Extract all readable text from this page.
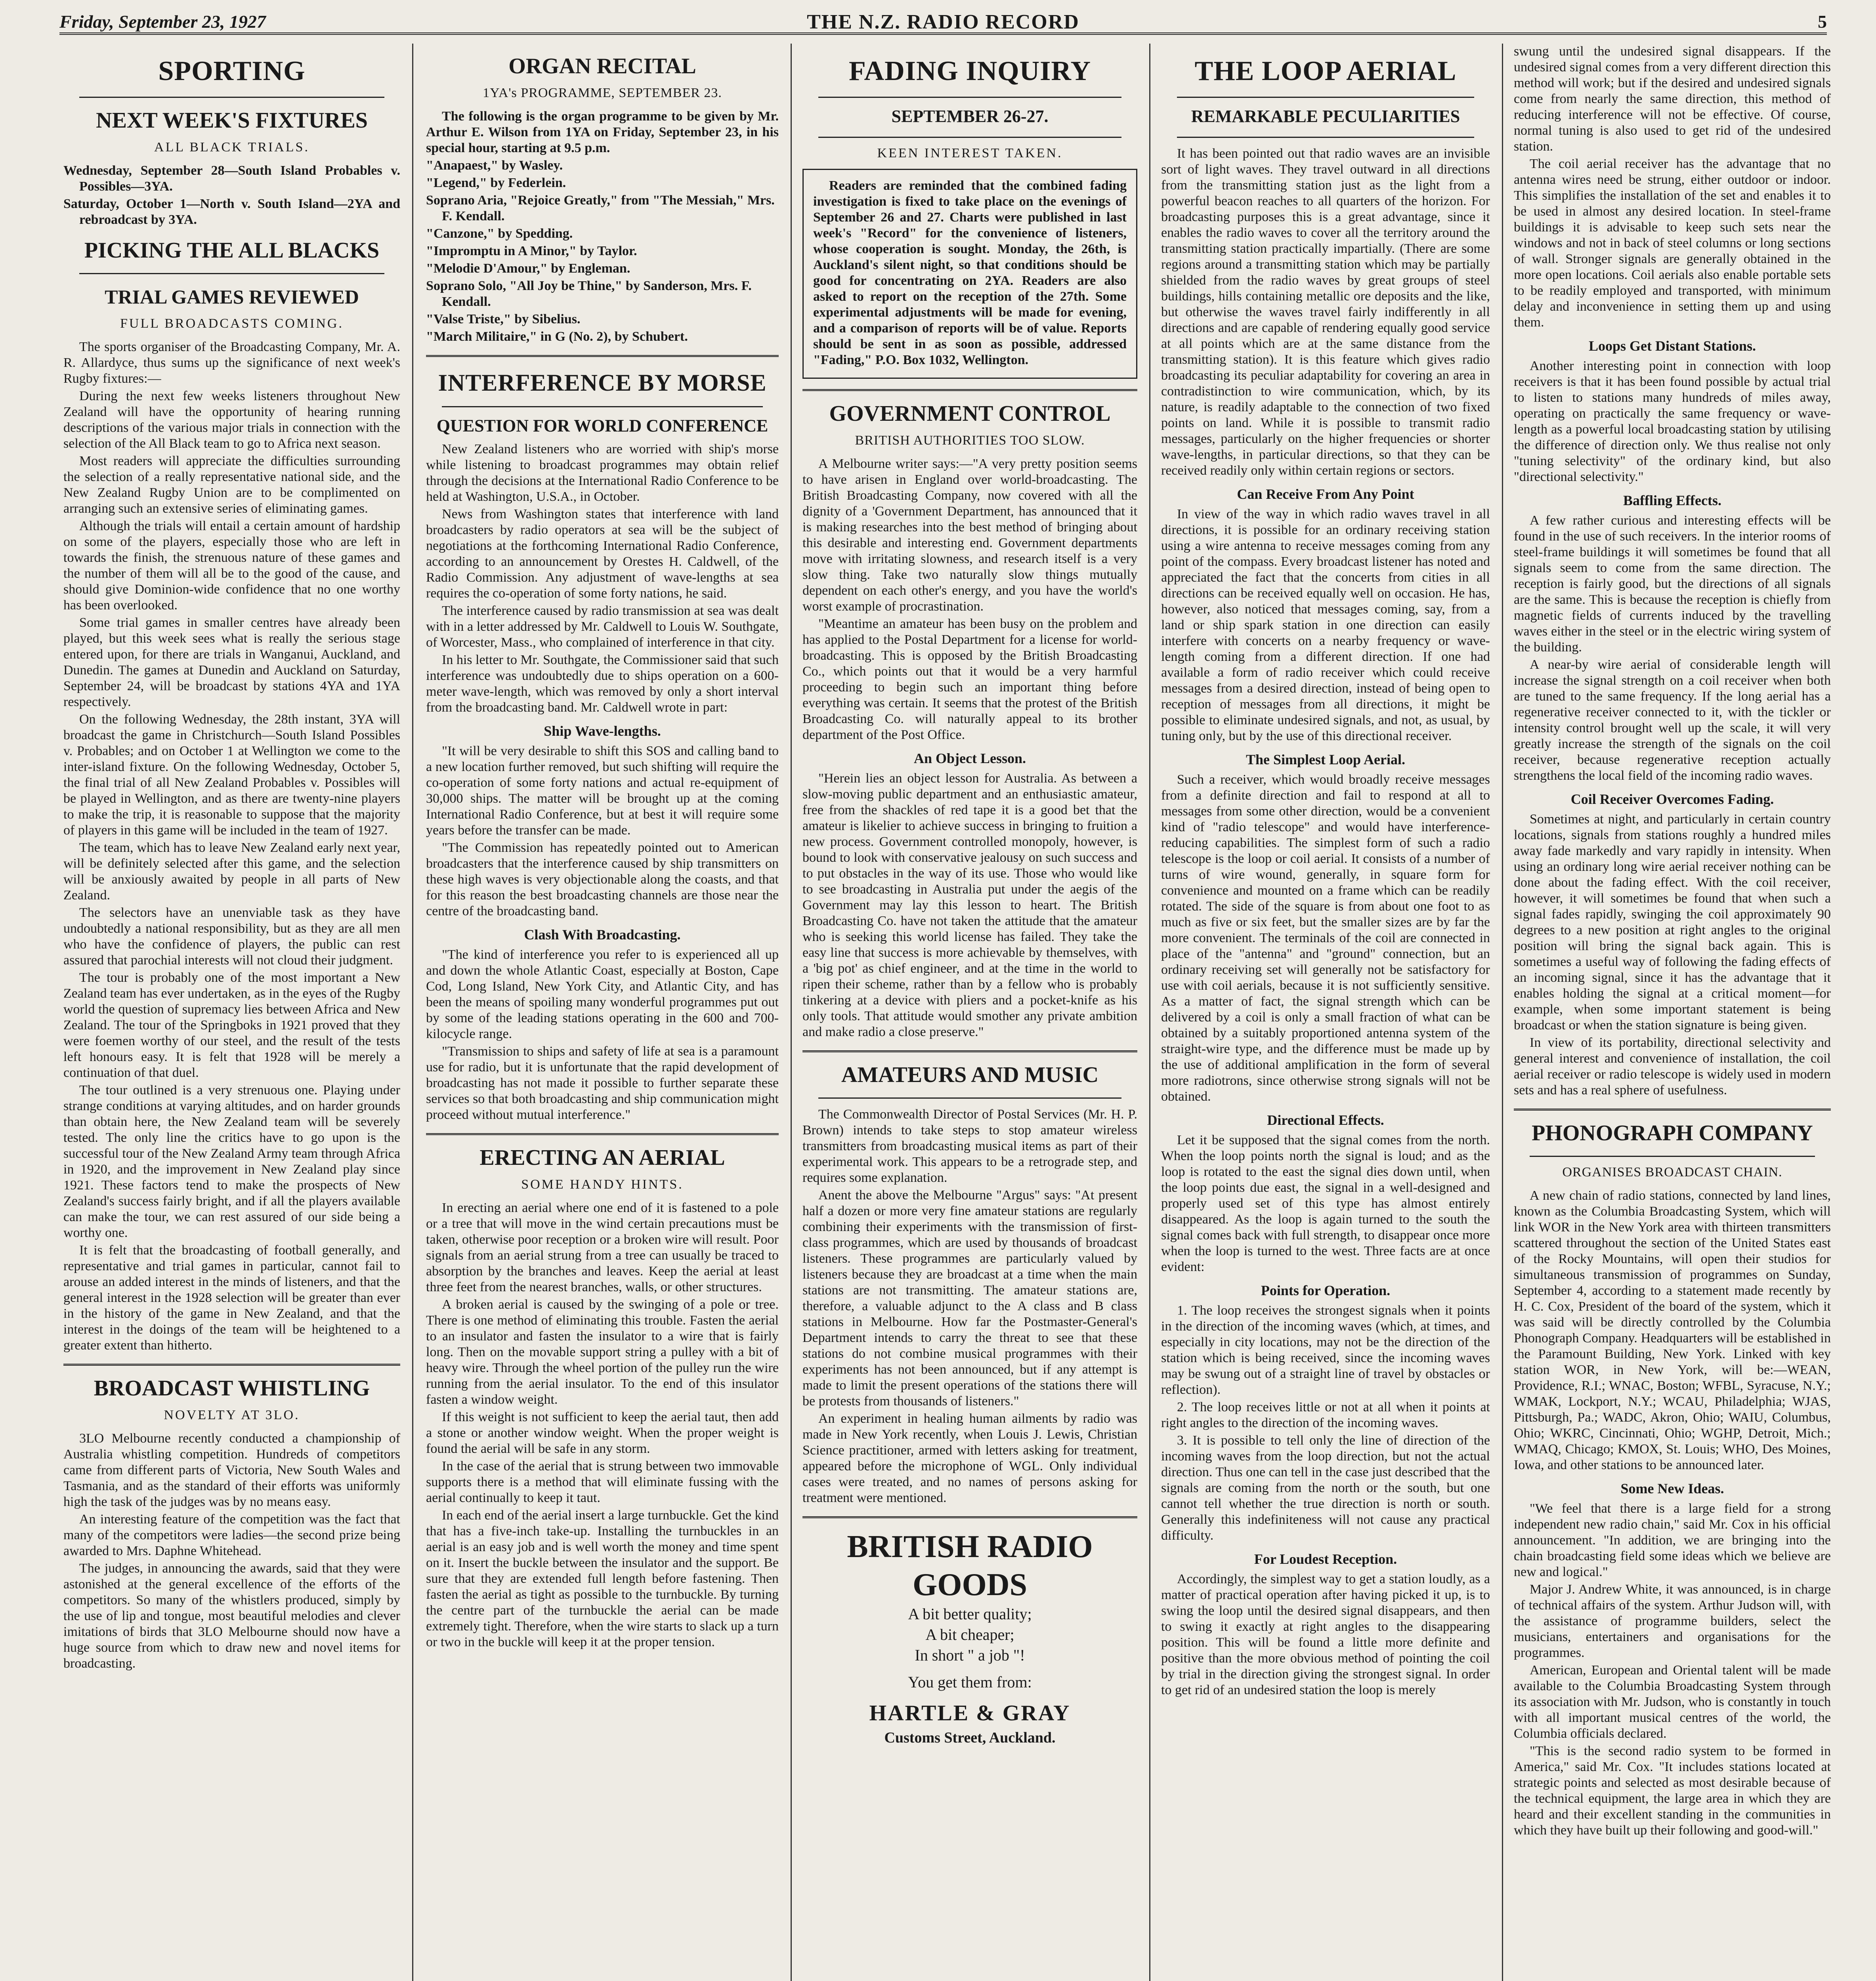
Friday, September 23, 1927	THE N.Z. RADIO RECORD	5
SPORTING
NEXT WEEK'S FIXTURES
ALL BLACK TRIALS.

Wednesday, September 28—South Island Probables v. Possibles—3YA.

Saturday, October 1—North v. South Island—2YA and rebroadcast by 3YA.

PICKING THE ALL BLACKS
TRIAL GAMES REVIEWED
FULL BROADCASTS COMING.

The sports organiser of the Broadcasting Company, Mr. A. R. Allardyce, thus sums up the significance of next week's Rugby fixtures:—

During the next few weeks listeners throughout New Zealand will have the opportunity of hearing running descriptions of the various major trials in connection with the selection of the All Black team to go to Africa next season.

Most readers will appreciate the difficulties surrounding the selection of a really representative national side, and the New Zealand Rugby Union are to be complimented on arranging such an extensive series of eliminating games.

Although the trials will entail a certain amount of hardship on some of the players, especially those who are left in towards the finish, the strenuous nature of these games and the number of them will all be to the good of the cause, and should give Dominion-wide confidence that no one worthy has been overlooked.

Some trial games in smaller centres have already been played, but this week sees what is really the serious stage entered upon, for there are trials in Wanganui, Auckland, and Dunedin. The games at Dunedin and Auckland on Saturday, September 24, will be broadcast by stations 4YA and 1YA respectively.

On the following Wednesday, the 28th instant, 3YA will broadcast the game in Christchurch—South Island Possibles v. Probables; and on October 1 at Wellington we come to the inter-island fixture. On the following Wednesday, October 5, the final trial of all New Zealand Probables v. Possibles will be played in Wellington, and as there are twenty-nine players to make the trip, it is reasonable to suppose that the majority of players in this game will be included in the team of 1927.

The team, which has to leave New Zealand early next year, will be definitely selected after this game, and the selection will be anxiously awaited by people in all parts of New Zealand.

The selectors have an unenviable task as they have undoubtedly a national responsibility, but as they are all men who have the confidence of players, the public can rest assured that parochial interests will not cloud their judgment.

The tour is probably one of the most important a New Zealand team has ever undertaken, as in the eyes of the Rugby world the question of supremacy lies between Africa and New Zealand. The tour of the Springboks in 1921 proved that they were foemen worthy of our steel, and the result of the tests left honours easy. It is felt that 1928 will be merely a continuation of that duel.

The tour outlined is a very strenuous one. Playing under strange conditions at varying altitudes, and on harder grounds than obtain here, the New Zealand team will be severely tested. The only line the critics have to go upon is the successful tour of the New Zealand Army team through Africa in 1920, and the improvement in New Zealand play since 1921. These factors tend to make the prospects of New Zealand's success fairly bright, and if all the players available can make the tour, we can rest assured of our side being a worthy one.

It is felt that the broadcasting of football generally, and representative and trial games in particular, cannot fail to arouse an added interest in the minds of listeners, and that the general interest in the 1928 selection will be greater than ever in the history of the game in New Zealand, and that the interest in the doings of the team will be heightened to a greater extent than hitherto.

BROADCAST WHISTLING
NOVELTY AT 3LO.

3LO Melbourne recently conducted a championship of Australia whistling competition. Hundreds of competitors came from different parts of Victoria, New South Wales and Tasmania, and as the standard of their efforts was uniformly high the task of the judges was by no means easy.

An interesting feature of the competition was the fact that many of the competitors were ladies—the second prize being awarded to Mrs. Daphne Whitehead.

The judges, in announcing the awards, said that they were astonished at the general excellence of the efforts of the competitors. So many of the whistlers produced, simply by the use of lip and tongue, most beautiful melodies and clever imitations of birds that 3LO Melbourne should now have a huge source from which to draw new and novel items for broadcasting.

ORGAN RECITAL
1YA's PROGRAMME, SEPTEMBER 23.

The following is the organ programme to be given by Mr. Arthur E. Wilson from 1YA on Friday, September 23, in his special hour, starting at 9.5 p.m.

"Anapaest," by Wasley.

"Legend," by Federlein.

Soprano Aria, "Rejoice Greatly," from "The Messiah," Mrs. F. Kendall.

"Canzone," by Spedding.

"Impromptu in A Minor," by Taylor.

"Melodie D'Amour," by Engleman.

Soprano Solo, "All Joy be Thine," by Sanderson, Mrs. F. Kendall.

"Valse Triste," by Sibelius.

"March Militaire," in G (No. 2), by Schubert.

INTERFERENCE BY MORSE
QUESTION FOR WORLD CONFERENCE

New Zealand listeners who are worried with ship's morse while listening to broadcast programmes may obtain relief through the decisions at the International Radio Conference to be held at Washington, U.S.A., in October.

News from Washington states that interference with land broadcasters by radio operators at sea will be the subject of negotiations at the forthcoming International Radio Conference, according to an announcement by Orestes H. Caldwell, of the Radio Commission. Any adjustment of wave-lengths at sea requires the co-operation of some forty nations, he said.

The interference caused by radio transmission at sea was dealt with in a letter addressed by Mr. Caldwell to Louis W. Southgate, of Worcester, Mass., who complained of interference in that city.

In his letter to Mr. Southgate, the Commissioner said that such interference was undoubtedly due to ships operation on a 600-meter wave-length, which was removed by only a short interval from the broadcasting band. Mr. Caldwell wrote in part:

Ship Wave-lengths.

"It will be very desirable to shift this SOS and calling band to a new location further removed, but such shifting will require the co-operation of some forty nations and actual re-equipment of 30,000 ships. The matter will be brought up at the coming International Radio Conference, but at best it will require some years before the transfer can be made.

"The Commission has repeatedly pointed out to American broadcasters that the interference caused by ship transmitters on these high waves is very objectionable along the coasts, and that for this reason the best broadcasting channels are those near the centre of the broadcasting band.

Clash With Broadcasting.

"The kind of interference you refer to is experienced all up and down the whole Atlantic Coast, especially at Boston, Cape Cod, Long Island, New York City, and Atlantic City, and has been the means of spoiling many wonderful programmes put out by some of the leading stations operating in the 600 and 700-kilocycle range.

"Transmission to ships and safety of life at sea is a paramount use for radio, but it is unfortunate that the rapid development of broadcasting has not made it possible to further separate these services so that both broadcasting and ship communication might proceed without mutual interference."

ERECTING AN AERIAL
SOME HANDY HINTS.

In erecting an aerial where one end of it is fastened to a pole or a tree that will move in the wind certain precautions must be taken, otherwise poor reception or a broken wire will result. Poor signals from an aerial strung from a tree can usually be traced to absorption by the branches and leaves. Keep the aerial at least three feet from the nearest branches, walls, or other structures.

A broken aerial is caused by the swinging of a pole or tree. There is one method of eliminating this trouble. Fasten the aerial to an insulator and fasten the insulator to a wire that is fairly long. Then on the movable support string a pulley with a bit of heavy wire. Through the wheel portion of the pulley run the wire running from the aerial insulator. To the end of this insulator fasten a window weight.

If this weight is not sufficient to keep the aerial taut, then add a stone or another window weight. When the proper weight is found the aerial will be safe in any storm.

In the case of the aerial that is strung between two immovable supports there is a method that will eliminate fussing with the aerial continually to keep it taut.

In each end of the aerial insert a large turnbuckle. Get the kind that has a five-inch take-up. Installing the turnbuckles in an aerial is an easy job and is well worth the money and time spent on it. Insert the buckle between the insulator and the support. Be sure that they are extended full length before fastening. Then fasten the aerial as tight as possible to the turnbuckle. By turning the centre part of the turnbuckle the aerial can be made extremely tight. Therefore, when the wire starts to slack up a turn or two in the buckle will keep it at the proper tension.

FADING INQUIRY
SEPTEMBER 26-27.
KEEN INTEREST TAKEN.

Readers are reminded that the combined fading investigation is fixed to take place on the evenings of September 26 and 27. Charts were published in last week's "Record" for the convenience of listeners, whose cooperation is sought. Monday, the 26th, is Auckland's silent night, so that conditions should be good for concentrating on 2YA. Readers are also asked to report on the reception of the 27th. Some experimental adjustments will be made for evening, and a comparison of reports will be of value. Reports should be sent in as soon as possible, addressed "Fading," P.O. Box 1032, Wellington.

GOVERNMENT CONTROL
BRITISH AUTHORITIES TOO SLOW.

A Melbourne writer says:—"A very pretty position seems to have arisen in England over world-broadcasting. The British Broadcasting Company, now covered with all the dignity of a 'Government Department, has announced that it is making researches into the best method of bringing about this desirable and interesting end. Government departments move with irritating slowness, and research itself is a very slow thing. Take two naturally slow things mutually dependent on each other's energy, and you have the world's worst example of procrastination.

"Meantime an amateur has been busy on the problem and has applied to the Postal Department for a license for world-broadcasting. This is opposed by the British Broadcasting Co., which points out that it would be a very harmful proceeding to begin such an important thing before everything was certain. It seems that the protest of the British Broadcasting Co. will naturally appeal to its brother department of the Post Office.

An Object Lesson.

"Herein lies an object lesson for Australia. As between a slow-moving public department and an enthusiastic amateur, free from the shackles of red tape it is a good bet that the amateur is likelier to achieve success in bringing to fruition a new process. Government controlled monopoly, however, is bound to look with conservative jealousy on such success and to put obstacles in the way of its use. Those who would like to see broadcasting in Australia put under the aegis of the Government may lay this lesson to heart. The British Broadcasting Co. have not taken the attitude that the amateur who is seeking this world license has failed. They take the easy line that success is more achievable by themselves, with a 'big pot' as chief engineer, and at the time in the world to ripen their scheme, rather than by a fellow who is probably tinkering at a device with pliers and a pocket-knife as his only tools. That attitude would smother any private ambition and make radio a close preserve."

AMATEURS AND MUSIC

The Commonwealth Director of Postal Services (Mr. H. P. Brown) intends to take steps to stop amateur wireless transmitters from broadcasting musical items as part of their experimental work. This appears to be a retrograde step, and requires some explanation.

Anent the above the Melbourne "Argus" says: "At present half a dozen or more very fine amateur stations are regularly combining their experiments with the transmission of first-class programmes, which are used by thousands of broadcast listeners. These programmes are particularly valued by listeners because they are broadcast at a time when the main stations are not transmitting. The amateur stations are, therefore, a valuable adjunct to the A class and B class stations in Melbourne. How far the Postmaster-General's Department intends to carry the threat to see that these stations do not combine musical programmes with their experiments has not been announced, but if any attempt is made to limit the present operations of the stations there will be protests from thousands of listeners."

An experiment in healing human ailments by radio was made in New York recently, when Louis J. Lewis, Christian Science practitioner, armed with letters asking for treatment, appeared before the microphone of WGL. Only individual cases were treated, and no names of persons asking for treatment were mentioned.

BRITISH RADIO GOODS
A bit better quality;
A bit cheaper;
In short " a job "!
You get them from:
HARTLE & GRAY
Customs Street, Auckland.
THE LOOP AERIAL
REMARKABLE PECULIARITIES

It has been pointed out that radio waves are an invisible sort of light waves. They travel outward in all directions from the transmitting station just as the light from a powerful beacon reaches to all quarters of the horizon. For broadcasting purposes this is a great advantage, since it enables the radio waves to cover all the territory around the transmitting station practically impartially. (There are some regions around a transmitting station which may be partially shielded from the radio waves by great groups of steel buildings, hills containing metallic ore deposits and the like, but otherwise the waves travel fairly indifferently in all directions and are capable of rendering equally good service at all points which are at the same distance from the transmitting station). It is this feature which gives radio broadcasting its peculiar adaptability for covering an area in contradistinction to wire communication, which, by its nature, is readily adaptable to the connection of two fixed points on land. While it is possible to transmit radio messages, particularly on the higher frequencies or shorter wave-lengths, in particular directions, so that they can be received readily only within certain regions or sectors.

Can Receive From Any Point

In view of the way in which radio waves travel in all directions, it is possible for an ordinary receiving station using a wire antenna to receive messages coming from any point of the compass. Every broadcast listener has noted and appreciated the fact that the concerts from cities in all directions can be received equally well on occasion. He has, however, also noticed that messages coming, say, from a land or ship spark station in one direction can easily interfere with concerts on a nearby frequency or wave-length coming from a different direction. If one had available a form of radio receiver which could receive messages from a desired direction, instead of being open to reception of messages from all directions, it might be possible to eliminate undesired signals, and not, as usual, by tuning only, but by the use of this directional receiver.

The Simplest Loop Aerial.

Such a receiver, which would broadly receive messages from a definite direction and fail to respond at all to messages from some other direction, would be a convenient kind of "radio telescope" and would have interference-reducing capabilities. The simplest form of such a radio telescope is the loop or coil aerial. It consists of a number of turns of wire wound, generally, in square form for convenience and mounted on a frame which can be readily rotated. The side of the square is from about one foot to as much as five or six feet, but the smaller sizes are by far the more convenient. The terminals of the coil are connected in place of the "antenna" and "ground" connection, but an ordinary receiving set will generally not be satisfactory for use with coil aerials, because it is not sufficiently sensitive. As a matter of fact, the signal strength which can be delivered by a coil is only a small fraction of what can be obtained by a suitably proportioned antenna system of the straight-wire type, and the difference must be made up by the use of additional amplification in the form of several more radiotrons, since otherwise strong signals will not be obtained.

Directional Effects.

Let it be supposed that the signal comes from the north. When the loop points north the signal is loud; and as the loop is rotated to the east the signal dies down until, when the loop points due east, the signal in a well-designed and properly used set of this type has almost entirely disappeared. As the loop is again turned to the south the signal comes back with full strength, to disappear once more when the loop is turned to the west. Three facts are at once evident:

Points for Operation.

1. The loop receives the strongest signals when it points in the direction of the incoming waves (which, at times, and especially in city locations, may not be the direction of the station which is being received, since the incoming waves may be swung out of a straight line of travel by obstacles or reflection).

2. The loop receives little or not at all when it points at right angles to the direction of the incoming waves.

3. It is possible to tell only the line of direction of the incoming waves from the loop direction, but not the actual direction. Thus one can tell in the case just described that the signals are coming from the north or the south, but one cannot tell whether the true direction is north or south. Generally this indefiniteness will not cause any practical difficulty.

For Loudest Reception.

Accordingly, the simplest way to get a station loudly, as a matter of practical operation after having picked it up, is to swing the loop until the desired signal disappears, and then to swing it exactly at right angles to the disappearing position. This will be found a little more definite and positive than the more obvious method of pointing the coil by trial in the direction giving the strongest signal. In order to get rid of an undesired station the loop is merely

swung until the undesired signal disappears. If the undesired signal comes from a very different direction this method will work; but if the desired and undesired signals come from nearly the same direction, this method of reducing interference will not be effective. Of course, normal tuning is also used to get rid of the undesired station.

The coil aerial receiver has the advantage that no antenna wires need be strung, either outdoor or indoor. This simplifies the installation of the set and enables it to be used in almost any desired location. In steel-frame buildings it is advisable to keep such sets near the windows and not in back of steel columns or long sections of wall. Stronger signals are generally obtained in the more open locations. Coil aerials also enable portable sets to be readily employed and transported, with minimum delay and inconvenience in setting them up and using them.

Loops Get Distant Stations.

Another interesting point in connection with loop receivers is that it has been found possible by actual trial to listen to stations many hundreds of miles away, operating on practically the same frequency or wave-length as a powerful local broadcasting station by utilising the difference of direction only. We thus realise not only "tuning selectivity" of the ordinary kind, but also "directional selectivity."

Baffling Effects.

A few rather curious and interesting effects will be found in the use of such receivers. In the interior rooms of steel-frame buildings it will sometimes be found that all signals seem to come from the same direction. The reception is fairly good, but the directions of all signals are the same. This is because the reception is chiefly from magnetic fields of currents induced by the travelling waves either in the steel or in the electric wiring system of the building.

A near-by wire aerial of considerable length will increase the signal strength on a coil receiver when both are tuned to the same frequency. If the long aerial has a regenerative receiver connected to it, with the tickler or intensity control brought well up the scale, it will very greatly increase the strength of the signals on the coil receiver, because regenerative reception actually strengthens the local field of the incoming radio waves.

Coil Receiver Overcomes Fading.

Sometimes at night, and particularly in certain country locations, signals from stations roughly a hundred miles away fade markedly and vary rapidly in intensity. When using an ordinary long wire aerial receiver nothing can be done about the fading effect. With the coil receiver, however, it will sometimes be found that when such a signal fades rapidly, swinging the coil approximately 90 degrees to a new position at right angles to the original position will bring the signal back again. This is sometimes a useful way of following the fading effects of an incoming signal, since it has the advantage that it enables holding the signal at a critical moment—for example, when some important statement is being broadcast or when the station signature is being given.

In view of its portability, directional selectivity and general interest and convenience of installation, the coil aerial receiver or radio telescope is widely used in modern sets and has a real sphere of usefulness.

PHONOGRAPH COMPANY
ORGANISES BROADCAST CHAIN.

A new chain of radio stations, connected by land lines, known as the Columbia Broadcasting System, which will link WOR in the New York area with thirteen transmitters scattered throughout the section of the United States east of the Rocky Mountains, will open their studios for simultaneous transmission of programmes on Sunday, September 4, according to a statement made recently by H. C. Cox, President of the board of the system, which it was said will be directly controlled by the Columbia Phonograph Company. Headquarters will be established in the Paramount Building, New York. Linked with key station WOR, in New York, will be:—WEAN, Providence, R.I.; WNAC, Boston; WFBL, Syracuse, N.Y.; WMAK, Lockport, N.Y.; WCAU, Philadelphia; WJAS, Pittsburgh, Pa.; WADC, Akron, Ohio; WAIU, Columbus, Ohio; WKRC, Cincinnati, Ohio; WGHP, Detroit, Mich.; WMAQ, Chicago; KMOX, St. Louis; WHO, Des Moines, Iowa, and other stations to be announced later.

Some New Ideas.

"We feel that there is a large field for a strong independent new radio chain," said Mr. Cox in his official announcement. "In addition, we are bringing into the chain broadcasting field some ideas which we believe are new and logical."

Major J. Andrew White, it was announced, is in charge of technical affairs of the system. Arthur Judson will, with the assistance of programme builders, select the musicians, entertainers and organisations for the programmes.

American, European and Oriental talent will be made available to the Columbia Broadcasting System through its association with Mr. Judson, who is constantly in touch with all important musical centres of the world, the Columbia officials declared.

"This is the second radio system to be formed in America," said Mr. Cox. "It includes stations located at strategic points and selected as most desirable because of the technical equipment, the large area in which they are heard and their excellent standing in the communities in which they have built up their following and good-will."
